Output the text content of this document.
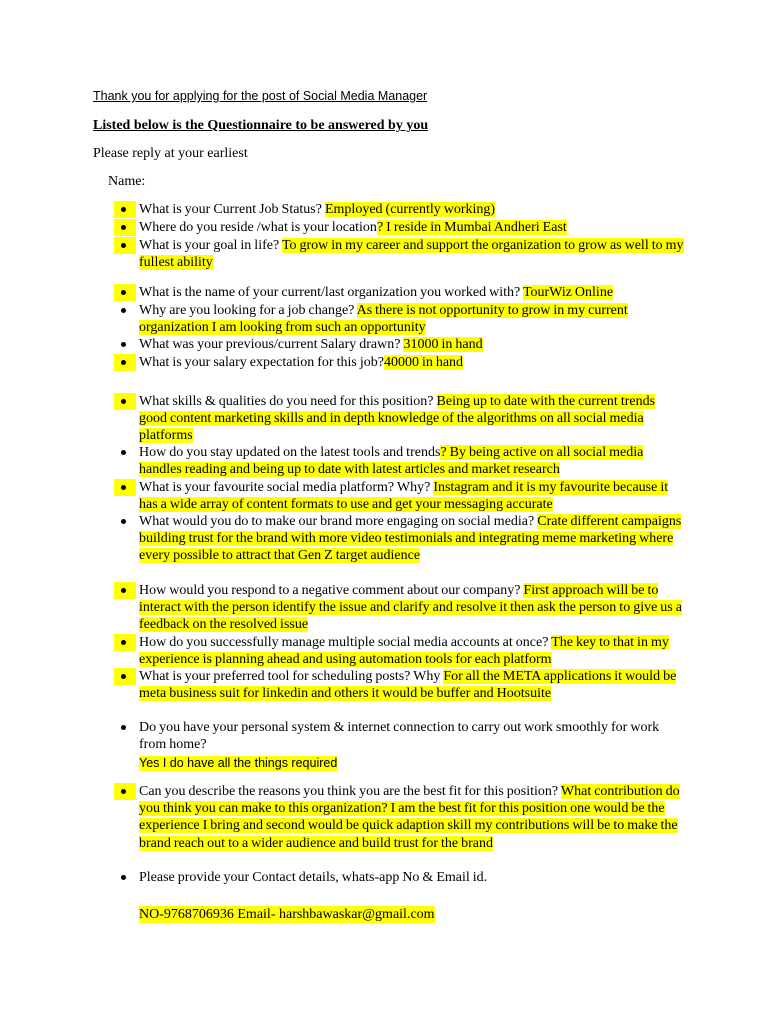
Thank you for applying for the post of Social Media Manager
Listed below is the Questionnaire to be answered by you
Please reply at your earliest
Name:
What is your Current Job Status? Employed (currently working)
Where do you reside /what is your location? I reside in Mumbai Andheri East
What is your goal in life? To grow in my career and support the organization to grow as well to my fullest ability
What is the name of your current/last organization you worked with? TourWiz Online
Why are you looking for a job change? As there is not opportunity to grow in my current organization I am looking from such an opportunity
What was your previous/current Salary drawn? 31000 in hand
What is your salary expectation for this job?40000 in hand
What skills & qualities do you need for this position? Being up to date with the current trends good content marketing skills and in depth knowledge of the algorithms on all social media platforms
How do you stay updated on the latest tools and trends? By being active on all social media handles reading and being up to date with latest articles and market research
What is your favourite social media platform? Why? Instagram and it is my favourite because it has a wide array of content formats to use and get your messaging accurate
What would you do to make our brand more engaging on social media? Crate different campaigns building trust for the brand with more video testimonials and integrating meme marketing where every possible to attract that Gen Z target audience
How would you respond to a negative comment about our company? First approach will be to interact with the person identify the issue and clarify and resolve it then ask the person to give us a feedback on the resolved issue
How do you successfully manage multiple social media accounts at once? The key to that in my experience is planning ahead and using automation tools for each platform
What is your preferred tool for scheduling posts? Why For all the META applications it would be meta business suit for linkedin and others it would be buffer and Hootsuite
Do you have your personal system & internet connection to carry out work smoothly for work from home?
Yes I do have all the things required
Can you describe the reasons you think you are the best fit for this position? What contribution do you think you can make to this organization? I am the best fit for this position one would be the experience I bring and second would be quick adaption skill my contributions will be to make the brand reach out to a wider audience and build trust for the brand
Please provide your Contact details, whats-app No & Email id.
NO-9768706936 Email- harshbawaskar@gmail.com
